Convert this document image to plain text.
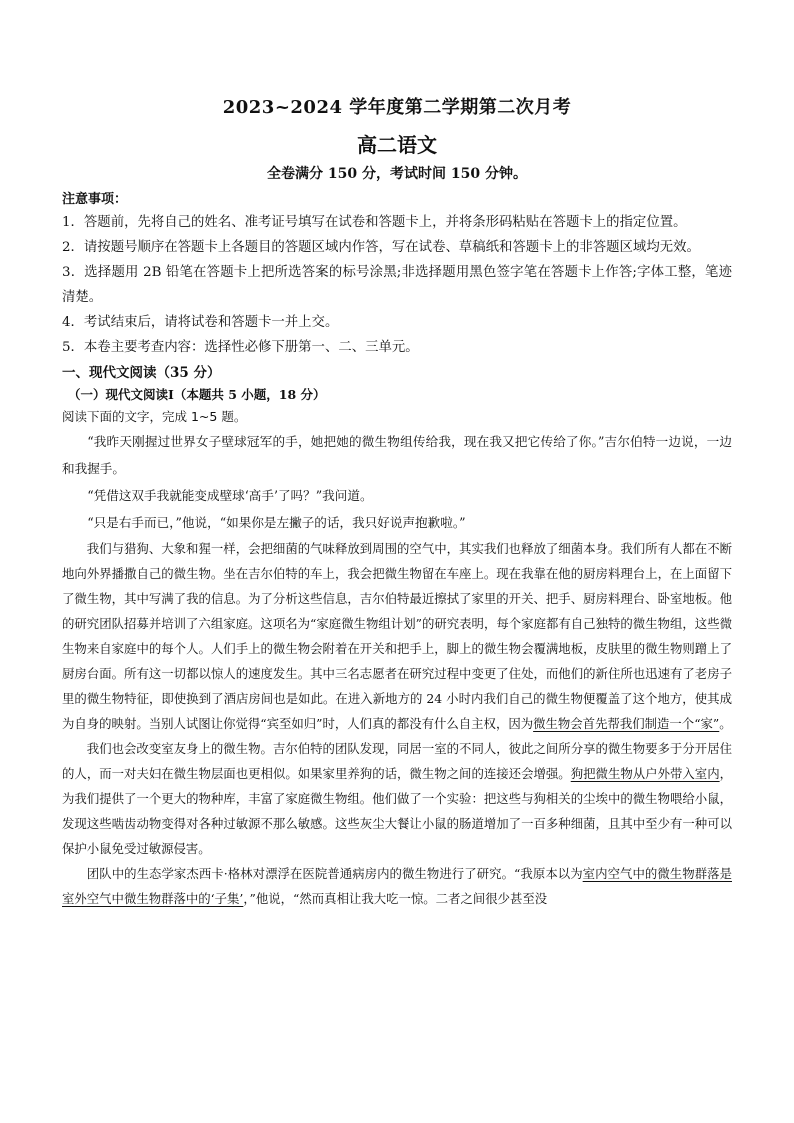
2023~2024 学年度第二学期第二次月考
高二语文
全卷满分 150 分，考试时间 150 分钟。
注意事项：
1．答题前，先将自己的姓名、准考证号填写在试卷和答题卡上，并将条形码粘贴在答题卡上的指定位置。
2．请按题号顺序在答题卡上各题目的答题区域内作答，写在试卷、草稿纸和答题卡上的非答题区域均无效。
3．选择题用 2B 铅笔在答题卡上把所选答案的标号涂黑;非选择题用黑色签字笔在答题卡上作答;字体工整，笔迹清楚。
4．考试结束后，请将试卷和答题卡一并上交。
5．本卷主要考查内容：选择性必修下册第一、二、三单元。
一、现代文阅读（35 分）
（一）现代文阅读Ⅰ（本题共 5 小题，18 分）
阅读下面的文字，完成 1~5 题。

“我昨天刚握过世界女子壁球冠军的手，她把她的微生物组传给我，现在我又把它传给了你。”吉尔伯特一边说，一边和我握手。

“凭借这双手我就能变成壁球‘高手’了吗？”我问道。

“只是右手而已，”他说，“如果你是左撇子的话，我只好说声抱歉啦。”

我们与猎狗、大象和猩一样，会把细菌的气味释放到周围的空气中，其实我们也释放了细菌本身。我们所有人都在不断地向外界播撒自己的微生物。坐在吉尔伯特的车上，我会把微生物留在车座上。现在我靠在他的厨房料理台上，在上面留下了微生物，其中写满了我的信息。为了分析这些信息，吉尔伯特最近擦拭了家里的开关、把手、厨房料理台、卧室地板。他的研究团队招募并培训了六组家庭。这项名为“家庭微生物组计划”的研究表明，每个家庭都有自己独特的微生物组，这些微生物来自家庭中的每个人。人们手上的微生物会附着在开关和把手上，脚上的微生物会覆满地板，皮肤里的微生物则蹭上了厨房台面。所有这一切都以惊人的速度发生。其中三名志愿者在研究过程中变更了住处，而他们的新住所也迅速有了老房子里的微生物特征，即使换到了酒店房间也是如此。在进入新地方的 24 小时内我们自己的微生物便覆盖了这个地方，使其成为自身的映射。当别人试图让你觉得“宾至如归”时，人们真的都没有什么自主权，因为微生物会首先帮我们制造一个“家”。

我们也会改变室友身上的微生物。吉尔伯特的团队发现，同居一室的不同人，彼此之间所分享的微生物要多于分开居住的人，而一对夫妇在微生物层面也更相似。如果家里养狗的话，微生物之间的连接还会增强。狗把微生物从户外带入室内，为我们提供了一个更大的物种库，丰富了家庭微生物组。他们做了一个实验：把这些与狗相关的尘埃中的微生物喂给小鼠，发现这些啮齿动物变得对各种过敏源不那么敏感。这些灰尘大餐让小鼠的肠道增加了一百多种细菌，且其中至少有一种可以保护小鼠免受过敏源侵害。

团队中的生态学家杰西卡·格林对漂浮在医院普通病房内的微生物进行了研究。“我原本以为室内空气中的微生物群落是室外空气中微生物群落中的‘子集’，”他说，“然而真相让我大吃一惊。二者之间很少甚至没
